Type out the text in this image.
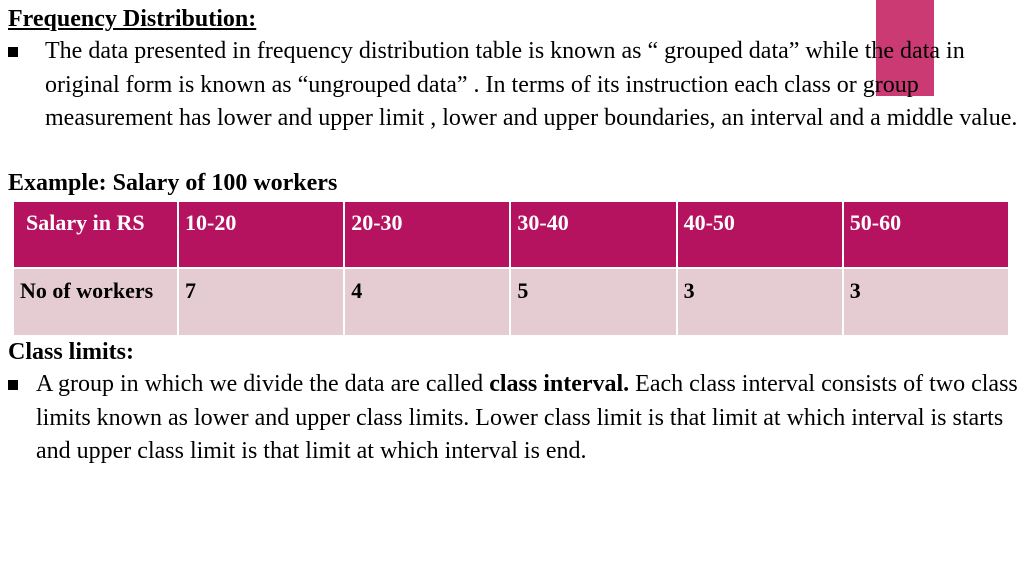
Frequency Distribution:
The data presented in frequency distribution table is known as “ grouped data” while the data in original form is known as “ungrouped data” . In terms of its instruction each class or group measurement has lower and upper limit , lower and upper boundaries, an interval and a middle value.
Example: Salary of 100 workers
Salary in RS	10-20	20-30	30-40	40-50	50-60
No of workers	7	4	5	3	3
Class limits:
A group in which we divide the data are called class interval. Each class interval consists of two class limits known as lower and upper class limits. Lower class limit is that limit at which interval is starts and upper class limit is that limit at which interval is end.
